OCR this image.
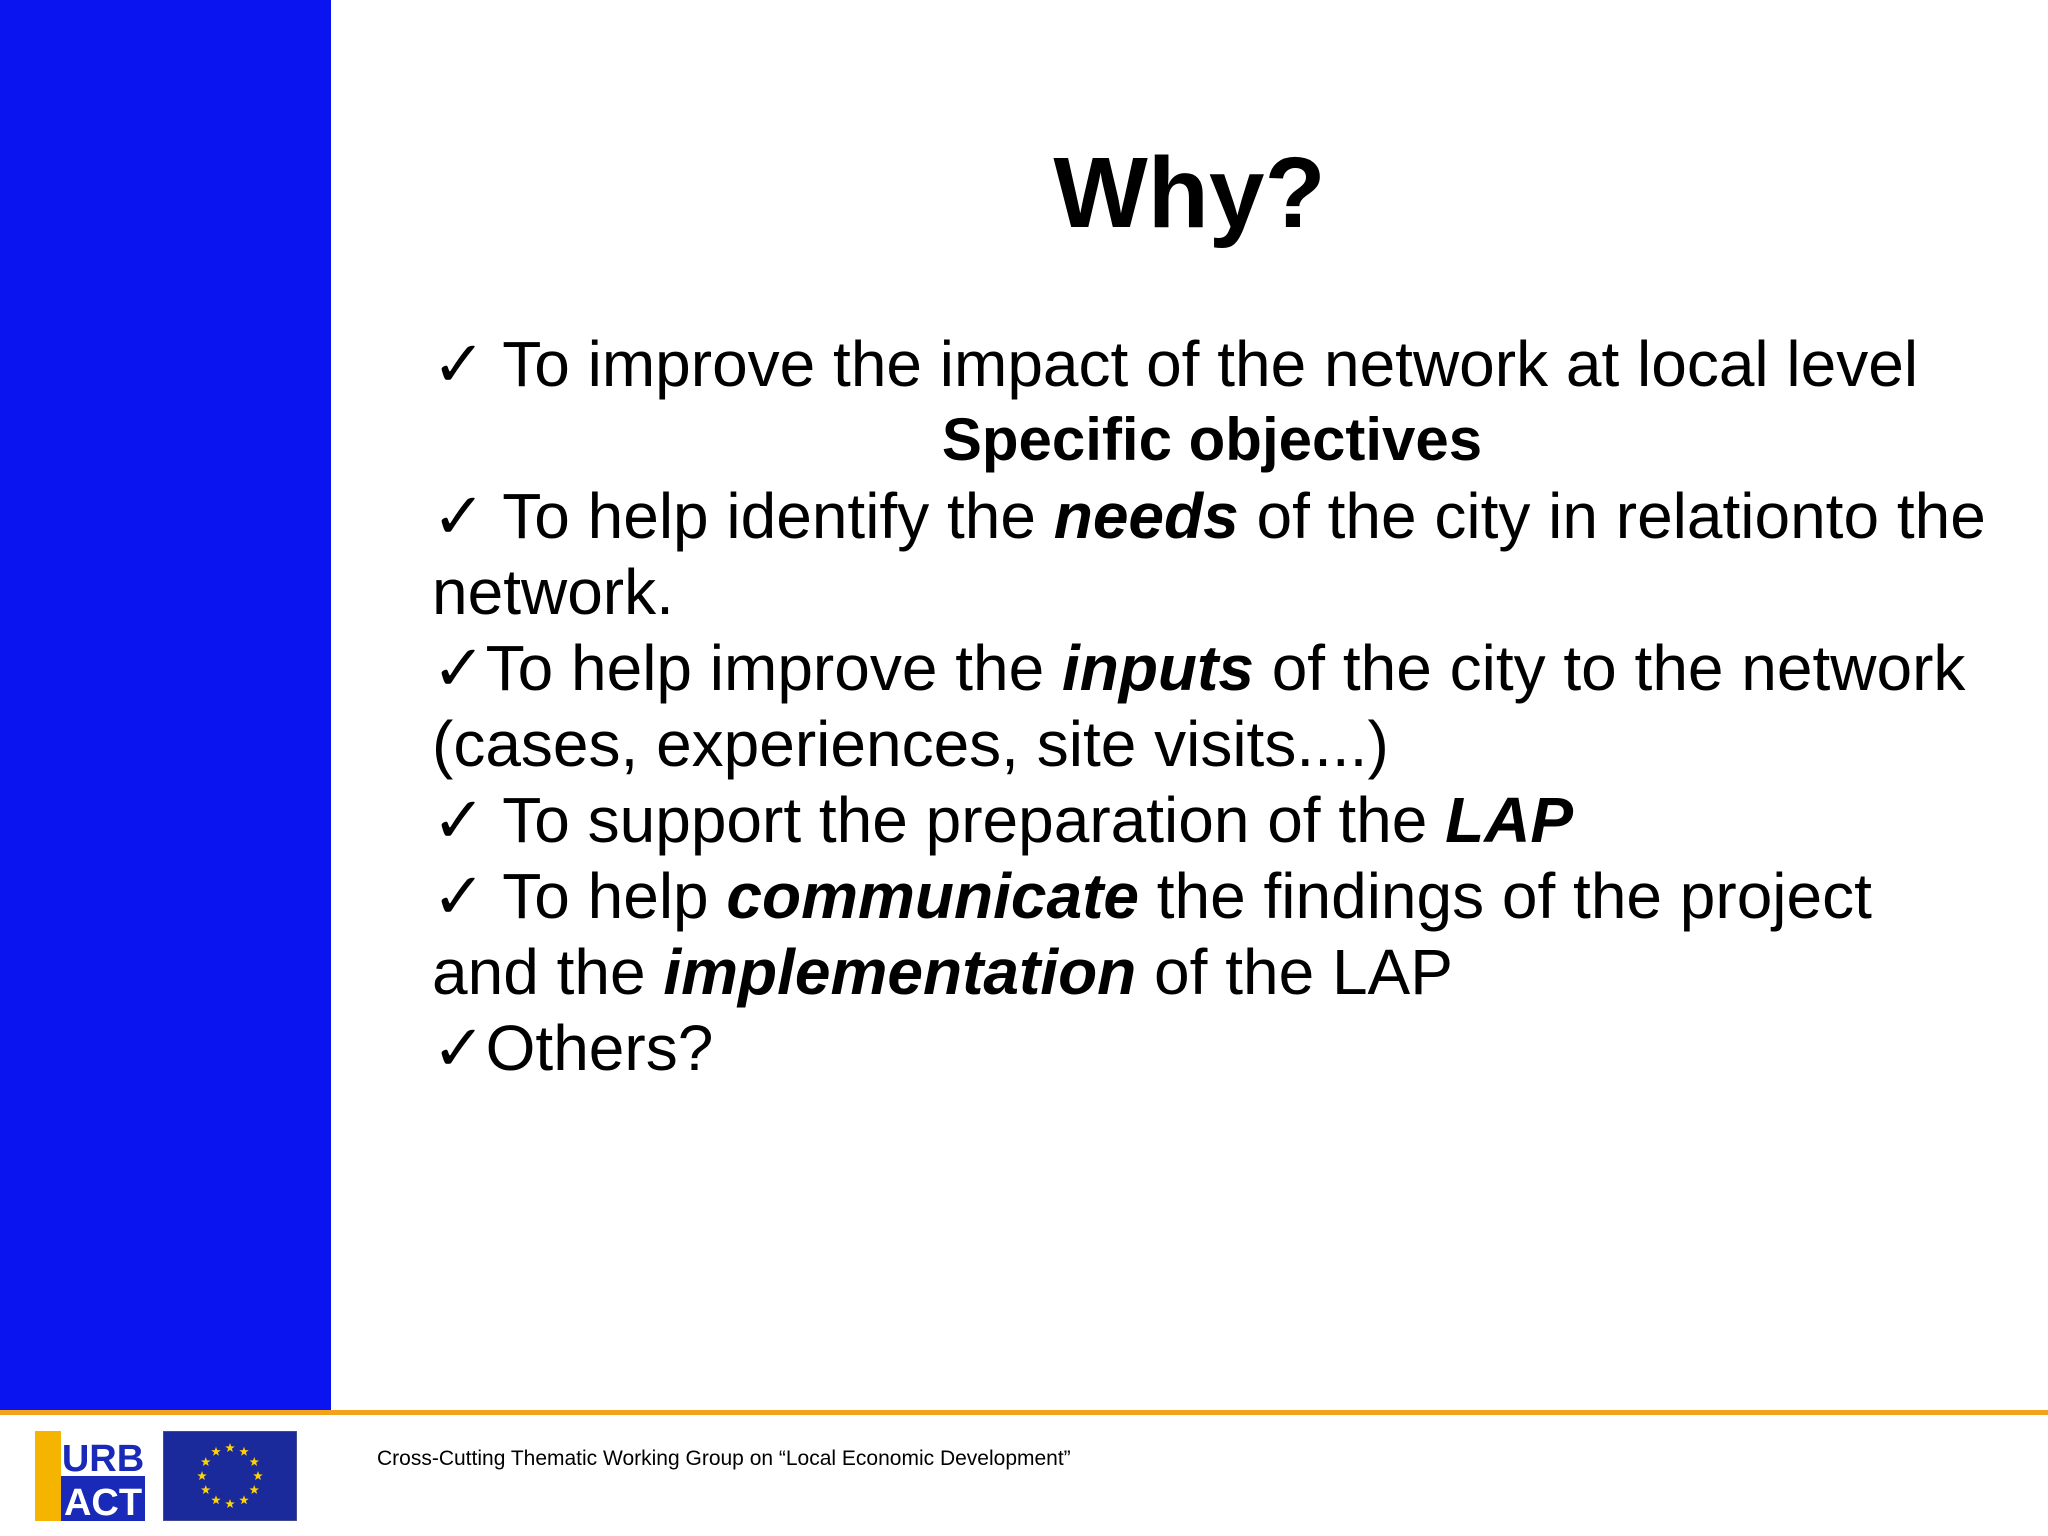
Why?

✓ To improve the impact of the network at local level

Specific objectives

✓ To help identify the needs of the city in relationto the network.

✓To help improve the inputs of the city to the network (cases, experiences, site visits....)

✓ To support the preparation of the LAP

✓ To help communicate the findings of the project and the implementation of the LAP

✓Others?

URB
ACT
Cross-Cutting Thematic Working Group on “Local Economic Development”
